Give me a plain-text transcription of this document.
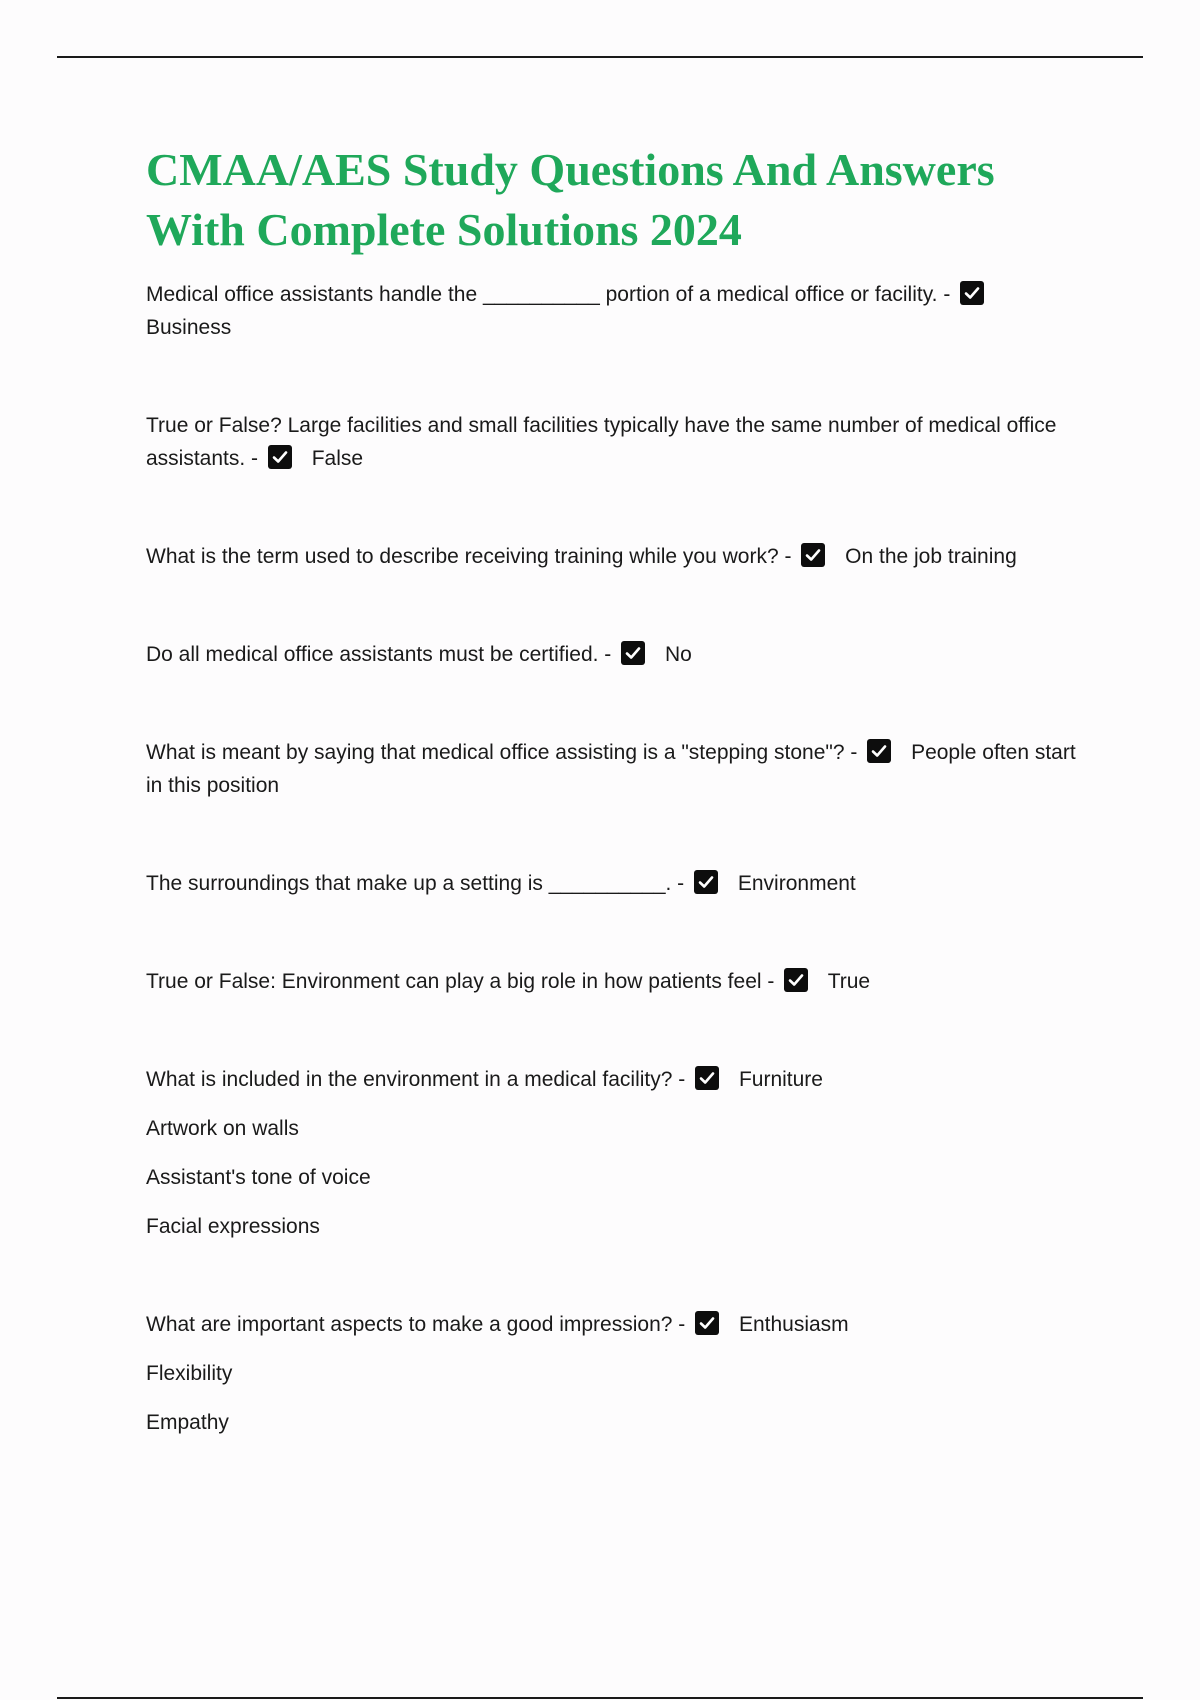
CMAA/AES Study Questions And Answers With Complete Solutions 2024
Medical office assistants handle the __________ portion of a medical office or facility. -
Business
True or False? Large facilities and small facilities typically have the same number of medical office assistants. -	False
What is the term used to describe receiving training while you work? -	On the job training
Do all medical office assistants must be certified. -	No
What is meant by saying that medical office assisting is a "stepping stone"? -	People often start in this position
The surroundings that make up a setting is __________. -	Environment
True or False: Environment can play a big role in how patients feel -	True
What is included in the environment in a medical facility? -	Furniture
Artwork on walls
Assistant's tone of voice
Facial expressions
What are important aspects to make a good impression? -	Enthusiasm
Flexibility
Empathy
